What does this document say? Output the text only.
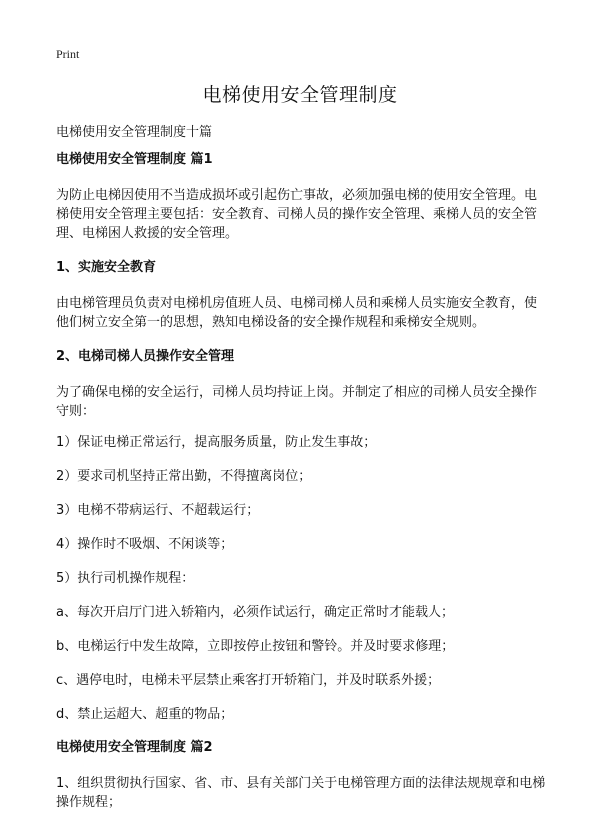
Print
电梯使用安全管理制度

电梯使用安全管理制度十篇

电梯使用安全管理制度 篇1

为防止电梯因使用不当造成损坏或引起伤亡事故，必须加强电梯的使用安全管理。电梯使用安全管理主要包括：安全教育、司梯人员的操作安全管理、乘梯人员的安全管理、电梯困人救援的安全管理。

1、实施安全教育

由电梯管理员负责对电梯机房值班人员、电梯司梯人员和乘梯人员实施安全教育，使他们树立安全第一的思想，熟知电梯设备的安全操作规程和乘梯安全规则。

2、电梯司梯人员操作安全管理

为了确保电梯的安全运行，司梯人员均持证上岗。并制定了相应的司梯人员安全操作守则：

1）保证电梯正常运行，提高服务质量，防止发生事故；

2）要求司机坚持正常出勤，不得擅离岗位；

3）电梯不带病运行、不超载运行；

4）操作时不吸烟、不闲谈等；

5）执行司机操作规程：

a、每次开启厅门进入轿箱内，必须作试运行，确定正常时才能载人；

b、电梯运行中发生故障，立即按停止按钮和警铃。并及时要求修理；

c、遇停电时，电梯未平层禁止乘客打开轿箱门，并及时联系外援；

d、禁止运超大、超重的物品；

电梯使用安全管理制度 篇2

1、组织贯彻执行国家、省、市、县有关部门关于电梯管理方面的法律法规规章和电梯操作规程；
